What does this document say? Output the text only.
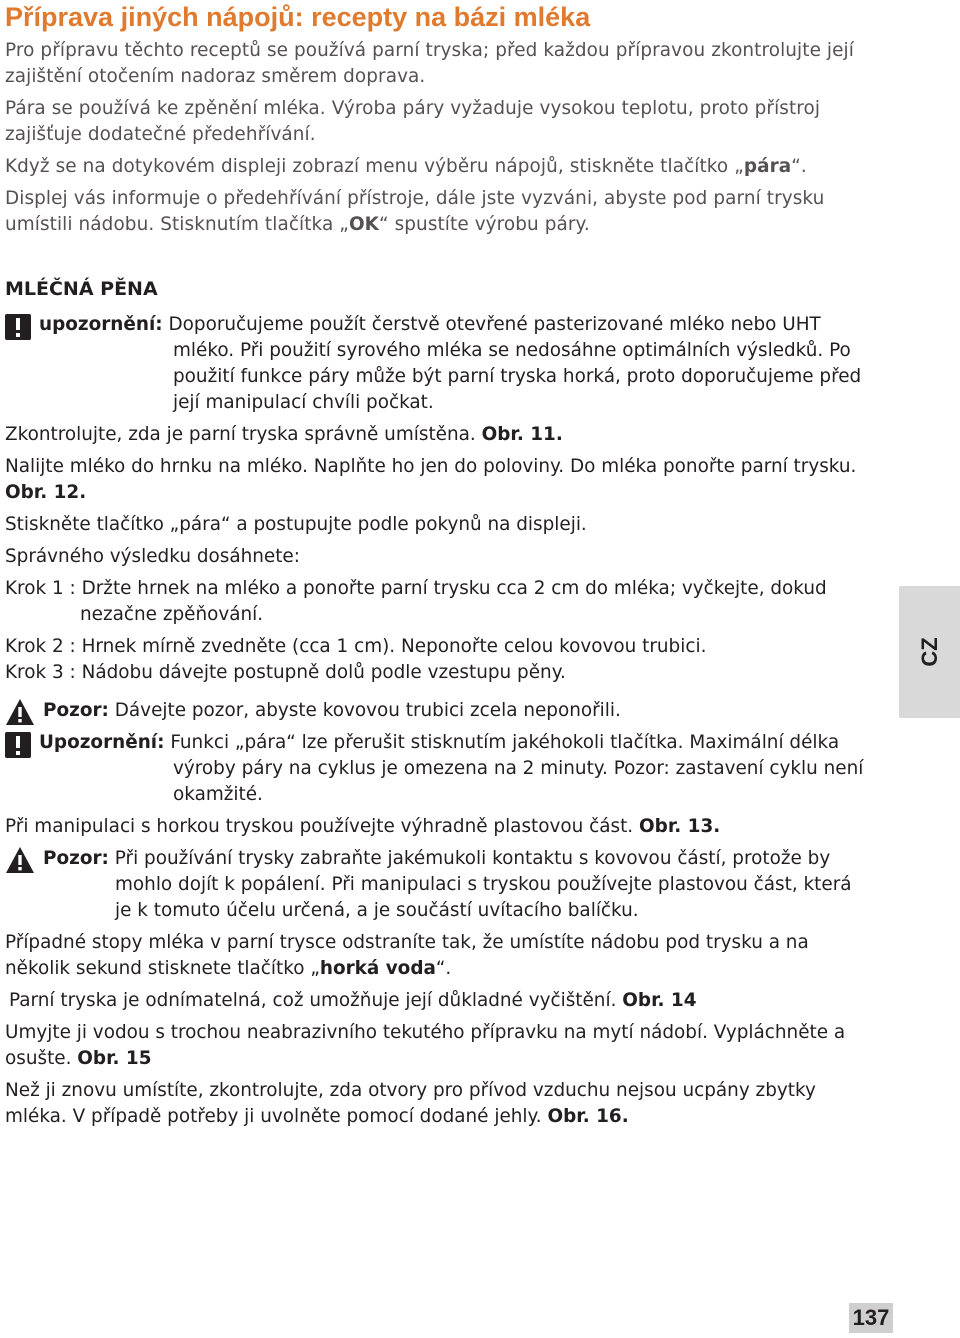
Příprava jiných nápojů: recepty na bázi mléka

Pro přípravu těchto receptů se používá parní tryska; před každou přípravou zkontrolujte její zajištění otočením nadoraz směrem doprava.

Pára se používá ke zpěnění mléka. Výroba páry vyžaduje vysokou teplotu, proto přístroj zajišťuje dodatečné předehřívání.

Když se na dotykovém displeji zobrazí menu výběru nápojů, stiskněte tlačítko „pára“.

Displej vás informuje o předehřívání přístroje, dále jste vyzváni, abyste pod parní trysku umístili nádobu. Stisknutím tlačítka „OK“ spustíte výrobu páry.

MLÉČNÁ PĚNA

upozornění: Doporučujeme použít čerstvě otevřené pasterizované mléko nebo UHT
mléko. Při použití syrového mléka se nedosáhne optimálních výsledků. Po použití funkce páry může být parní tryska horká, proto doporučujeme před její manipulací chvíli počkat.

Zkontrolujte, zda je parní tryska správně umístěna. Obr. 11.

Nalijte mléko do hrnku na mléko. Naplňte ho jen do poloviny. Do mléka ponořte parní trysku. Obr. 12.

Stiskněte tlačítko „pára“ a postupujte podle pokynů na displeji.

Správného výsledku dosáhnete:

Krok 1 : Držte hrnek na mléko a ponořte parní trysku cca 2 cm do mléka; vyčkejte, dokud
nezačne zpěňování.

Krok 2 : Hrnek mírně zvedněte (cca 1 cm). Neponořte celou kovovou trubici.

Krok 3 : Nádobu dávejte postupně dolů podle vzestupu pěny.

Pozor: Dávejte pozor, abyste kovovou trubici zcela neponořili.

Upozornění: Funkci „pára“ lze přerušit stisknutím jakéhokoli tlačítka. Maximální délka
výroby páry na cyklus je omezena na 2 minuty. Pozor: zastavení cyklu není okamžité.

Při manipulaci s horkou tryskou používejte výhradně plastovou část. Obr. 13.

Pozor: Při používání trysky zabraňte jakémukoli kontaktu s kovovou částí, protože by
mohlo dojít k popálení. Při manipulaci s tryskou používejte plastovou část, která je k tomuto účelu určená, a je součástí uvítacího balíčku.

Případné stopy mléka v parní trysce odstraníte tak, že umístíte nádobu pod trysku a na několik sekund stisknete tlačítko „horká voda“.

Parní tryska je odnímatelná, což umožňuje její důkladné vyčištění. Obr. 14

Umyjte ji vodou s trochou neabrazivního tekutého přípravku na mytí nádobí. Vypláchněte a osušte. Obr. 15

Než ji znovu umístíte, zkontrolujte, zda otvory pro přívod vzduchu nejsou ucpány zbytky mléka. V případě potřeby ji uvolněte pomocí dodané jehly. Obr. 16.

CZ
137
